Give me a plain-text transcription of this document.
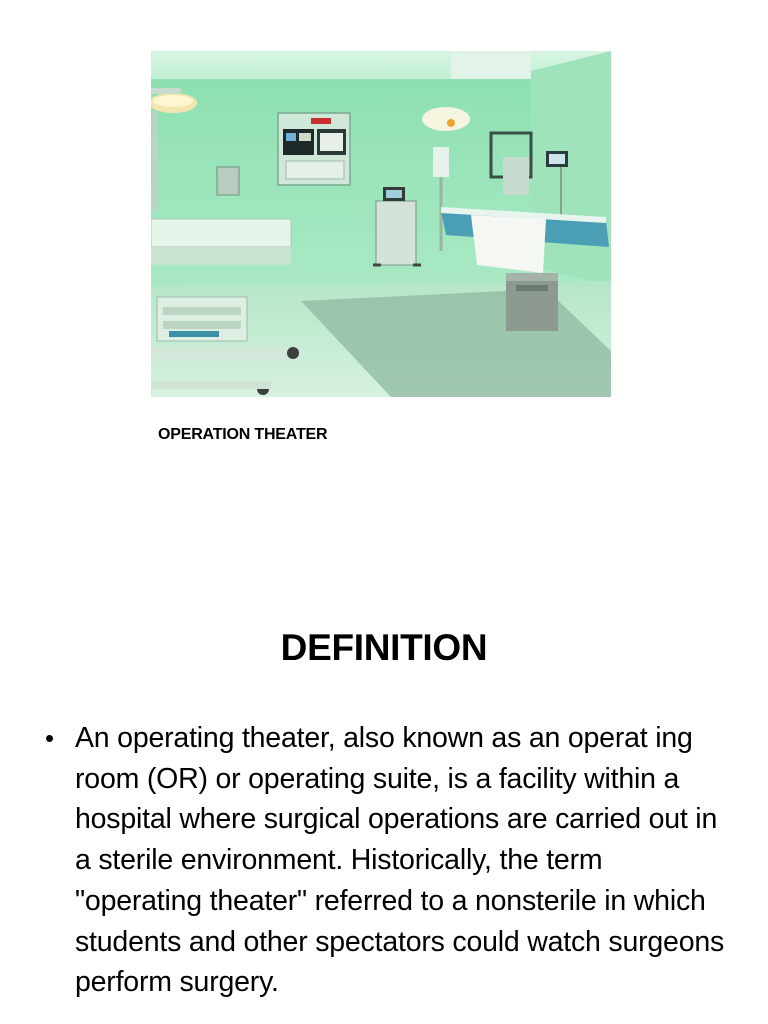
OPERATION THEATER
DEFINITION
• An operating theater, also known as an operat ing room (OR) or operating suite, is a facility within a hospital where surgical operations are carried out in a sterile environment. Historically, the term "operating theater" referred to a nonsterile in which students and other spectators could watch surgeons perform surgery.
